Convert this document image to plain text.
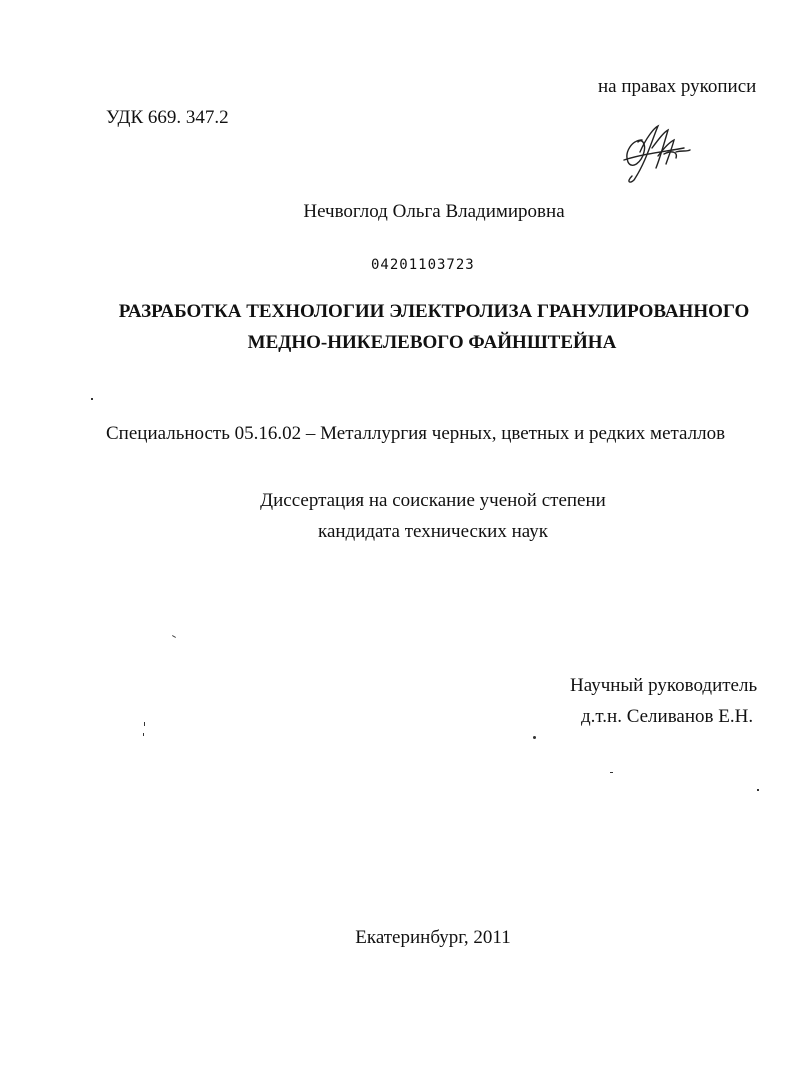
на правах рукописи
УДК 669. 347.2
Нечвоглод Ольга Владимировна
04201103723
РАЗРАБОТКА ТЕХНОЛОГИИ ЭЛЕКТРОЛИЗА ГРАНУЛИРОВАННОГО
МЕДНО-НИКЕЛЕВОГО ФАЙНШТЕЙНА
Специальность 05.16.02 – Металлургия черных, цветных и редких металлов
Диссертация на соискание ученой степени
кандидата технических наук
Научный руководитель
д.т.н. Селиванов Е.Н.
Екатеринбург, 2011
